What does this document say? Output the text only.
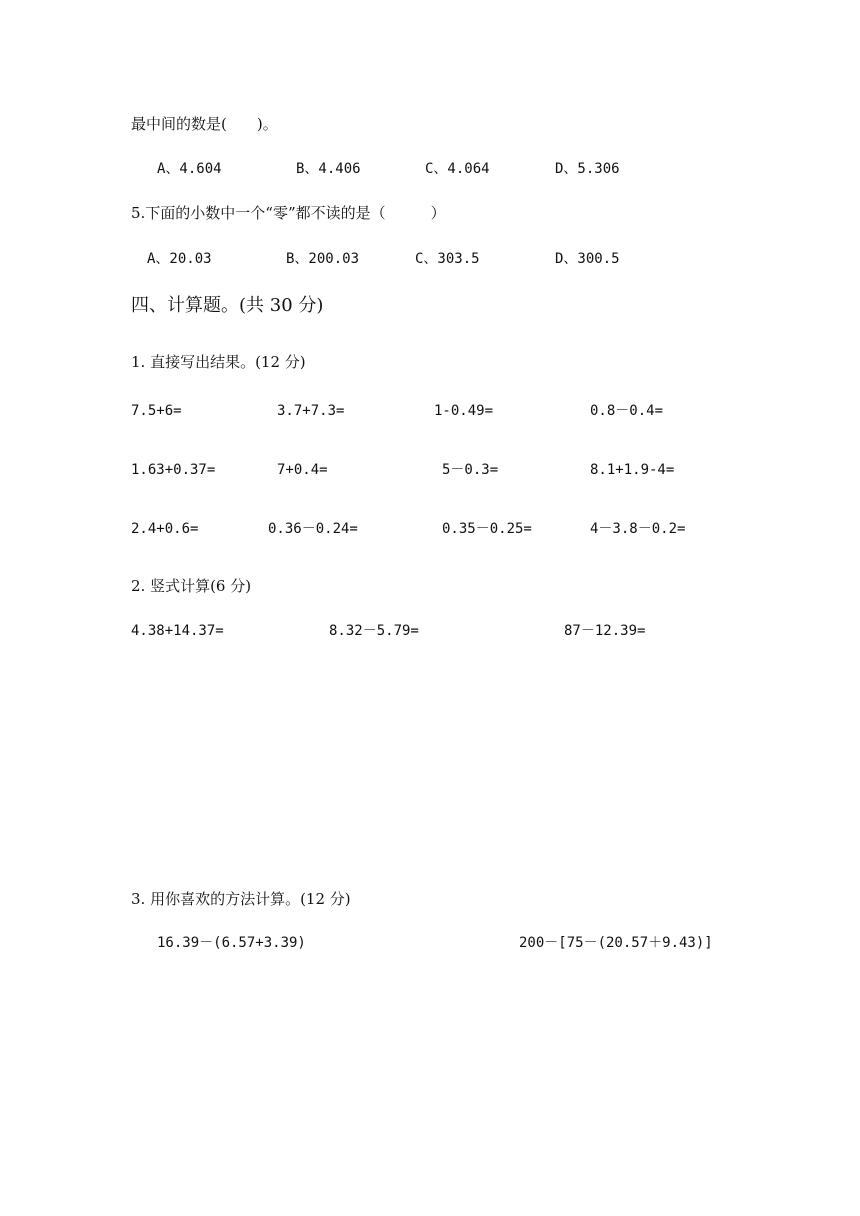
最中间的数是(　　)。
A、4.604	B、4.406	C、4.064	D、5.306
5.下面的小数中一个“零”都不读的是（　　　）
A、20.03	B、200.03	C、303.5	D、300.5
四、计算题。(共 30 分)
1. 直接写出结果。(12 分)
7.5+6=	3.7+7.3=	1-0.49=	0.8－0.4=
1.63+0.37=	7+0.4=	5－0.3=	8.1+1.9-4=
2.4+0.6=	0.36－0.24=	0.35－0.25=	4－3.8－0.2=
2. 竖式计算(6 分)
4.38+14.37=	8.32－5.79=	87－12.39=
3. 用你喜欢的方法计算。(12 分)
16.39－(6.57+3.39)	200－[75－(20.57＋9.43)]
